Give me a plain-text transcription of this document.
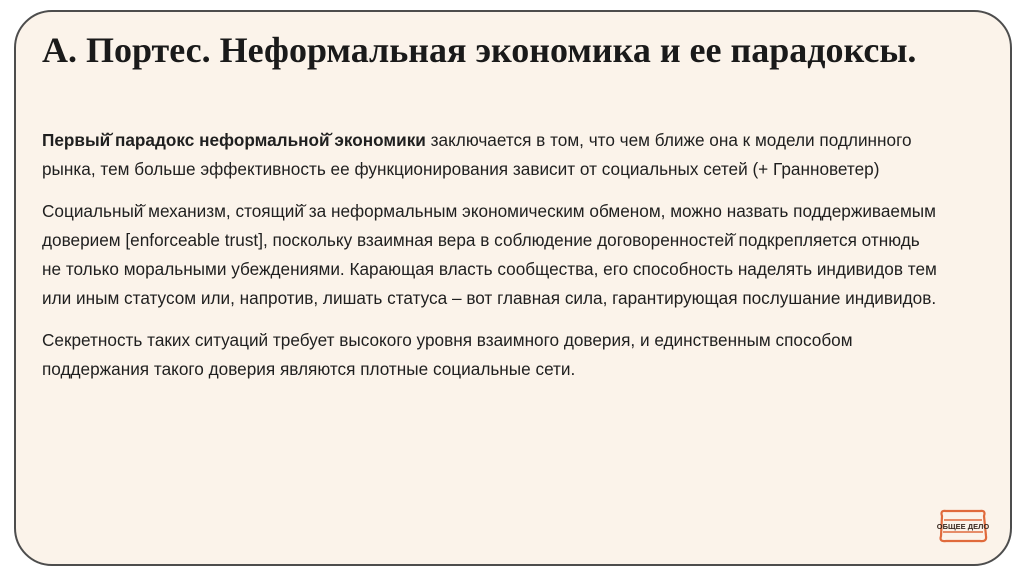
А. Портес. Неформальная экономика и ее парадоксы.

Первый̆ парадокс неформальной̆ экономики заключается в том, что чем ближе она к модели подлинного рынка, тем больше эффективность ее функционирования зависит от социальных сетей (+ Гранноветер)

Социальный̆ механизм, стоящий̆ за неформальным экономическим обменом, можно назвать поддерживаемым доверием [enforceable trust], поскольку взаимная вера в соблюдение договоренностей̆ подкрепляется отнюдь не только моральными убеждениями. Карающая власть сообщества, его способность наделять индивидов тем или иным статусом или, напротив, лишать статуса – вот главная сила, гарантирующая послушание индивидов.

Секретность таких ситуаций требует высокого уровня взаимного доверия, и единственным способом поддержания такого доверия являются плотные социальные сети.

ОБЩЕЕ ДЕЛО
